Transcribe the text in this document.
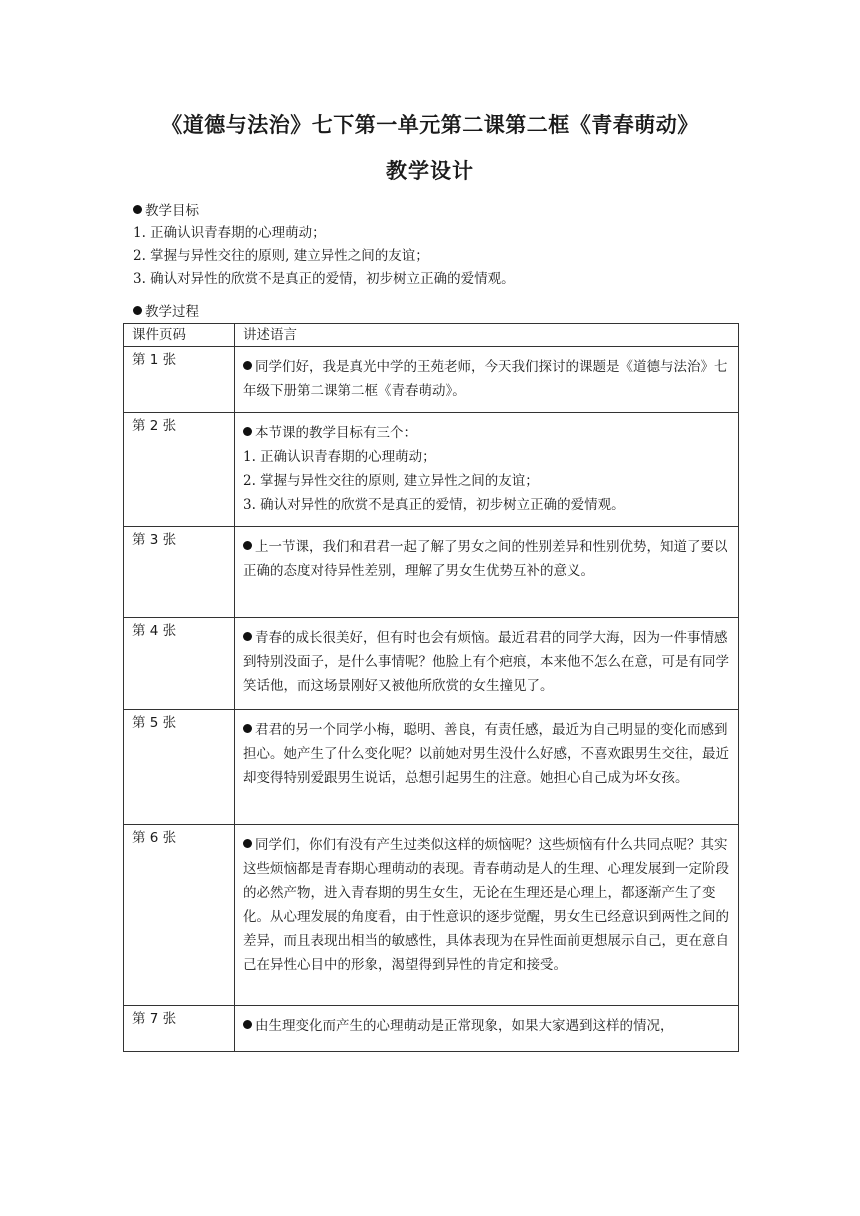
《道德与法治》七下第一单元第二课第二框《青春萌动》
教学设计
教学目标
1. 正确认识青春期的心理萌动；
2. 掌握与异性交往的原则, 建立异性之间的友谊；
3. 确认对异性的欣赏不是真正的爱情，初步树立正确的爱情观。
教学过程
课件页码	讲述语言
第 1 张	同学们好，我是真光中学的王苑老师，今天我们探讨的课题是《道德与法治》七年级下册第二课第二框《青春萌动》。

第 2 张	本节课的教学目标有三个：
1. 正确认识青春期的心理萌动；
2. 掌握与异性交往的原则, 建立异性之间的友谊；
3. 确认对异性的欣赏不是真正的爱情，初步树立正确的爱情观。

第 3 张	上一节课，我们和君君一起了解了男女之间的性别差异和性别优势，知道了要以正确的态度对待异性差别，理解了男女生优势互补的意义。

第 4 张	青春的成长很美好，但有时也会有烦恼。最近君君的同学大海，因为一件事情感到特别没面子，是什么事情呢？他脸上有个疤痕，本来他不怎么在意，可是有同学笑话他，而这场景刚好又被他所欣赏的女生撞见了。

第 5 张	君君的另一个同学小梅，聪明、善良，有责任感，最近为自己明显的变化而感到担心。她产生了什么变化呢？以前她对男生没什么好感，不喜欢跟男生交往，最近却变得特别爱跟男生说话，总想引起男生的注意。她担心自己成为坏女孩。

第 6 张	同学们，你们有没有产生过类似这样的烦恼呢？这些烦恼有什么共同点呢？其实这些烦恼都是青春期心理萌动的表现。青春萌动是人的生理、心理发展到一定阶段的必然产物，进入青春期的男生女生，无论在生理还是心理上，都逐渐产生了变化。从心理发展的角度看，由于性意识的逐步觉醒，男女生已经意识到两性之间的差异，而且表现出相当的敏感性，具体表现为在异性面前更想展示自己，更在意自己在异性心目中的形象，渴望得到异性的肯定和接受。

第 7 张	由生理变化而产生的心理萌动是正常现象，如果大家遇到这样的情况，
